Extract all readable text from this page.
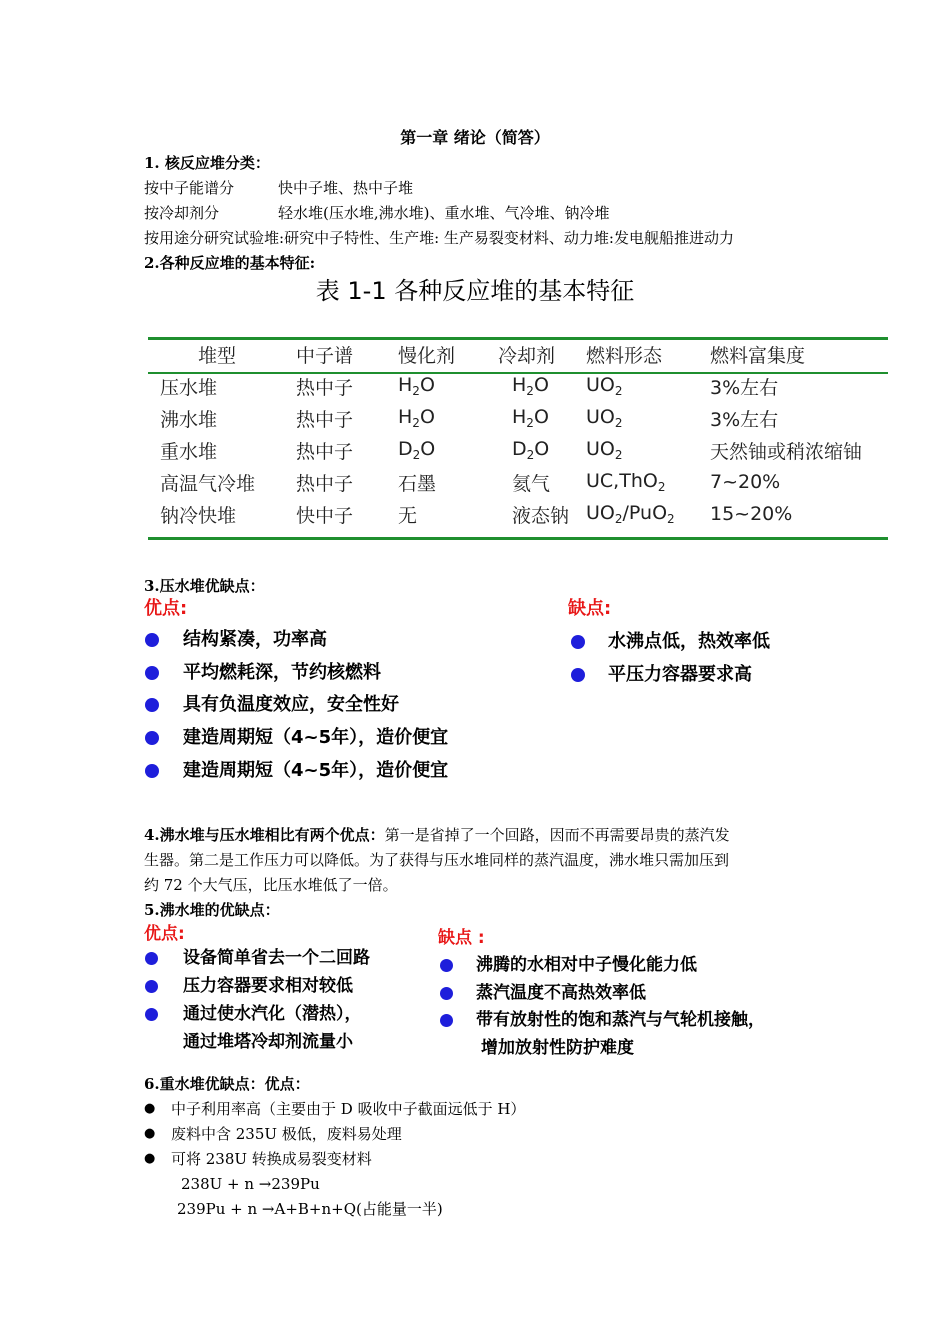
第一章 绪论（简答）
1. 核反应堆分类：
按中子能谱分	快中子堆、热中子堆
按冷却剂分	轻水堆(压水堆,沸水堆)、重水堆、气冷堆、钠冷堆
按用途分研究试验堆:研究中子特性、生产堆: 生产易裂变材料、动力堆:发电舰船推进动力
2.各种反应堆的基本特征:
表 1-1 各种反应堆的基本特征
堆型	中子谱	慢化剂	冷却剂	燃料形态	燃料富集度
压水堆	热中子	$H_2O$	$H_2O$	$UO_2$	3%左右
沸水堆	热中子	$H_2O$	$H_2O$	$UO_2$	3%左右
重水堆	热中子	$D_2O$	$D_2O$	$UO_2$	天然铀或稍浓缩铀
高温气冷堆	热中子	石墨	氦气	UC,ThO$_2$	7~20%
钠冷快堆	快中子	无	液态钠	$UO_2/PuO_2$	15~20%
3.压水堆优缺点：
优点:	缺点:
结构紧凑，功率高
平均燃耗深，节约核燃料
具有负温度效应，安全性好
建造周期短（4~5年），造价便宜
建造周期短（4~5年），造价便宜
水沸点低，热效率低
平压力容器要求高
4.沸水堆与压水堆相比有两个优点：第一是省掉了一个回路，因而不再需要昂贵的蒸汽发
生器。第二是工作压力可以降低。为了获得与压水堆同样的蒸汽温度，沸水堆只需加压到
约 72 个大气压，比压水堆低了一倍。
5.沸水堆的优缺点：
优点:	缺点 :
设备简单省去一个二回路
压力容器要求相对较低
通过使水汽化（潜热），
通过堆塔冷却剂流量小
沸腾的水相对中子慢化能力低
蒸汽温度不高热效率低
带有放射性的饱和蒸汽与气轮机接触，
增加放射性防护难度
6.重水堆优缺点：优点：
● 中子利用率高（主要由于 D 吸收中子截面远低于 H）
● 废料中含 235U 极低，废料易处理
● 可将 238U 转换成易裂变材料
238U + n →239Pu
239Pu + n →A+B+n+Q(占能量一半)
